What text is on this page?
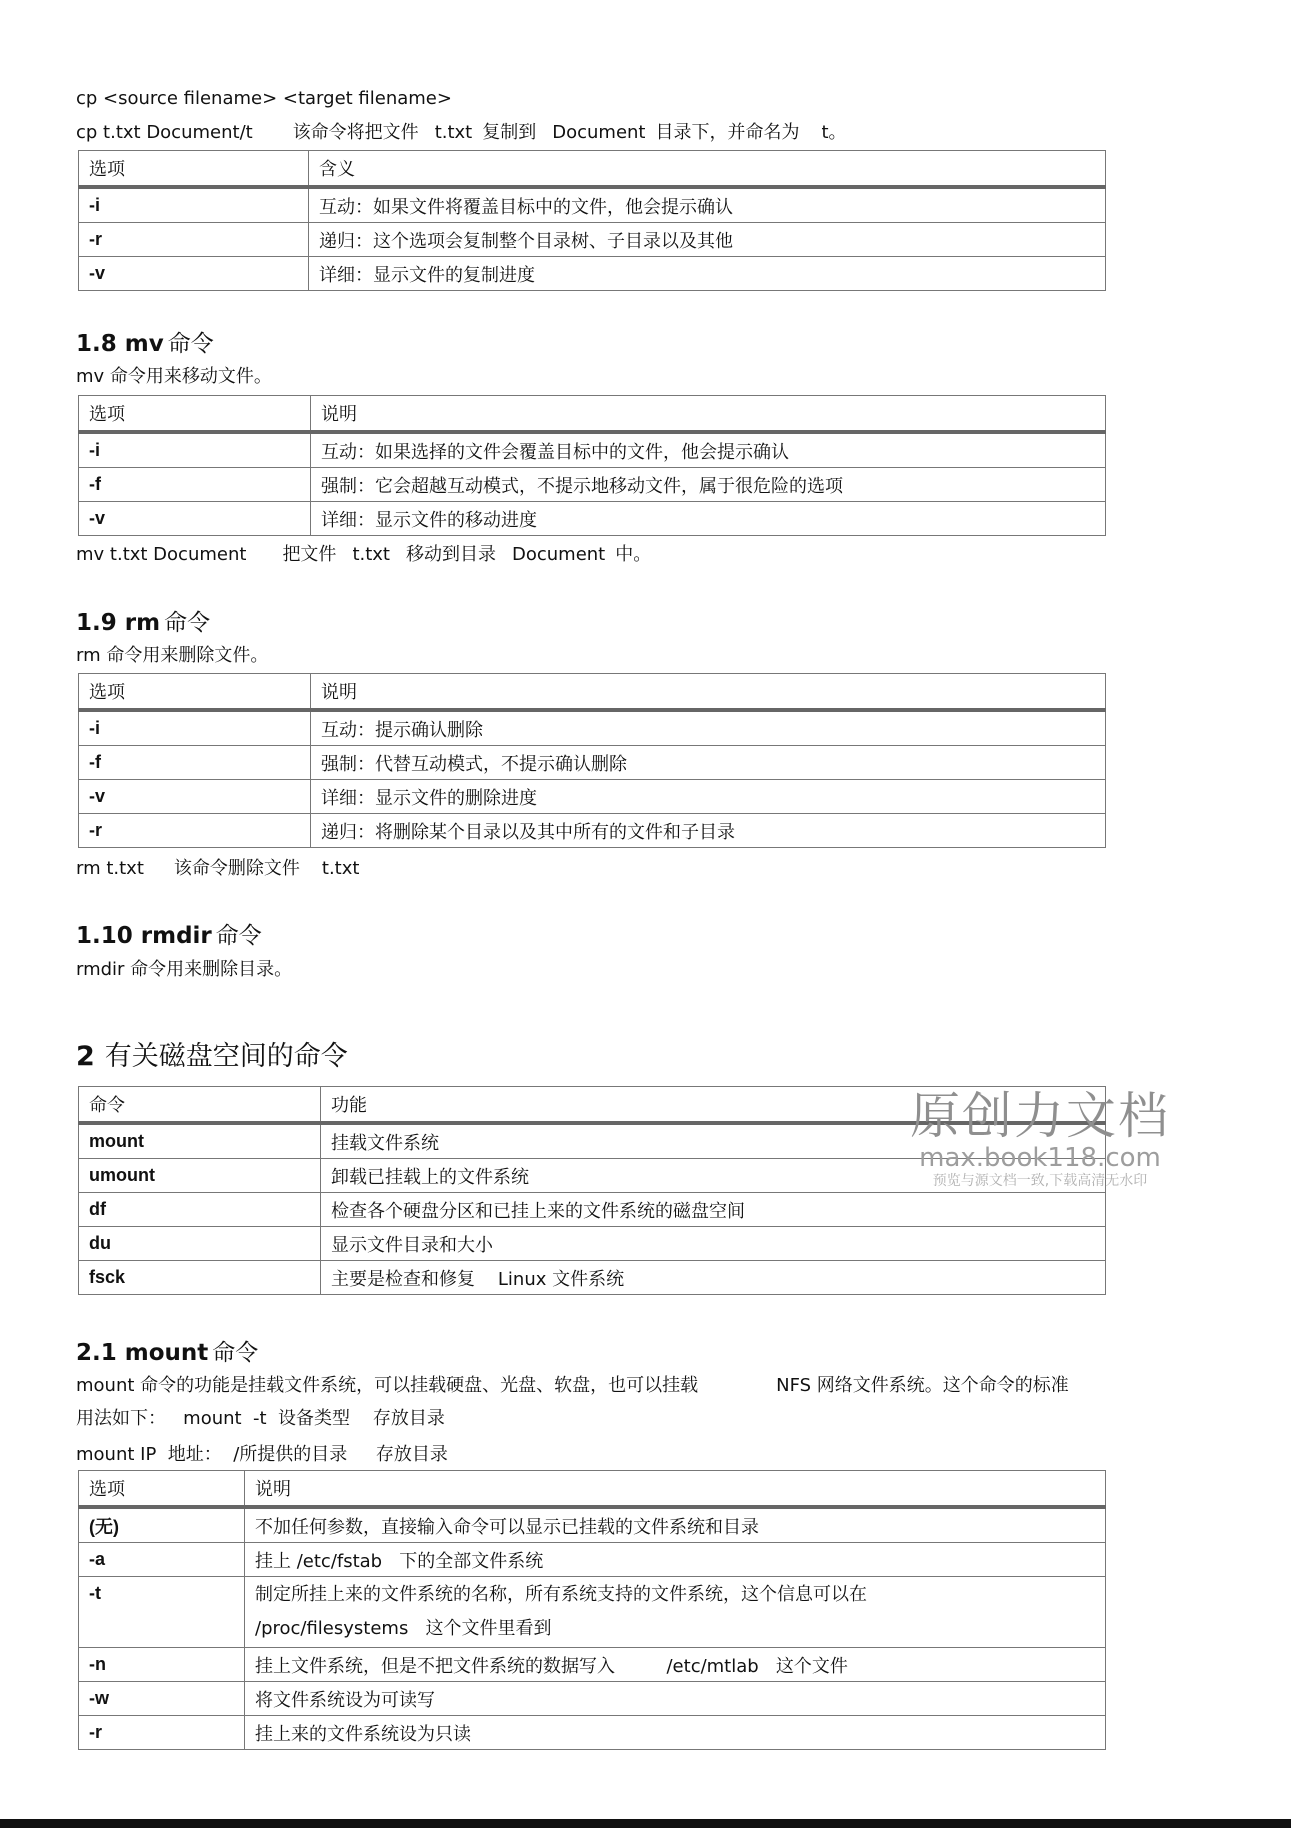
cp <source filename> <target filename>
cp t.txt Document/t 该命令将把文件 t.txt 复制到 Document 目录下，并命名为 t。
选项	含义
-i	互动：如果文件将覆盖目标中的文件，他会提示确认
-r	递归：这个选项会复制整个目录树、子目录以及其他
-v	详细：显示文件的复制进度
1.8 mv 命令
mv 命令用来移动文件。
选项	说明
-i	互动：如果选择的文件会覆盖目标中的文件，他会提示确认
-f	强制：它会超越互动模式，不提示地移动文件，属于很危险的选项
-v	详细：显示文件的移动进度
mv t.txt Document 把文件 t.txt 移动到目录 Document 中。
1.9 rm 命令
rm 命令用来删除文件。
选项	说明
-i	互动：提示确认删除
-f	强制：代替互动模式，不提示确认删除
-v	详细：显示文件的删除进度
-r	递归：将删除某个目录以及其中所有的文件和子目录
rm t.txt 该命令删除文件 t.txt
1.10 rmdir 命令
rmdir 命令用来删除目录。
2 有关磁盘空间的命令
命令	功能
mount	挂载文件系统
umount	卸载已挂载上的文件系统
df	检查各个硬盘分区和已挂上来的文件系统的磁盘空间
du	显示文件目录和大小
fsck	主要是检查和修复    Linux 文件系统
2.1 mount 命令
mount 命令的功能是挂载文件系统，可以挂载硬盘、光盘、软盘，也可以挂载	NFS 网络文件系统。这个命令的标准
用法如下：   mount  -t  设备类型    存放目录
mount IP  地址：  /所提供的目录     存放目录
选项	说明
(无)	不加任何参数，直接输入命令可以显示已挂载的文件系统和目录
-a	挂上 /etc/fstab   下的全部文件系统
-t	制定所挂上来的文件系统的名称，所有系统支持的文件系统，这个信息可以在
/proc/filesystems   这个文件里看到

-n	挂上文件系统，但是不把文件系统的数据写入         /etc/mtlab   这个文件
-w	将文件系统设为可读写
-r	挂上来的文件系统设为只读
原创力文档
max.book118.com
预览与源文档一致,下载高清无水印
